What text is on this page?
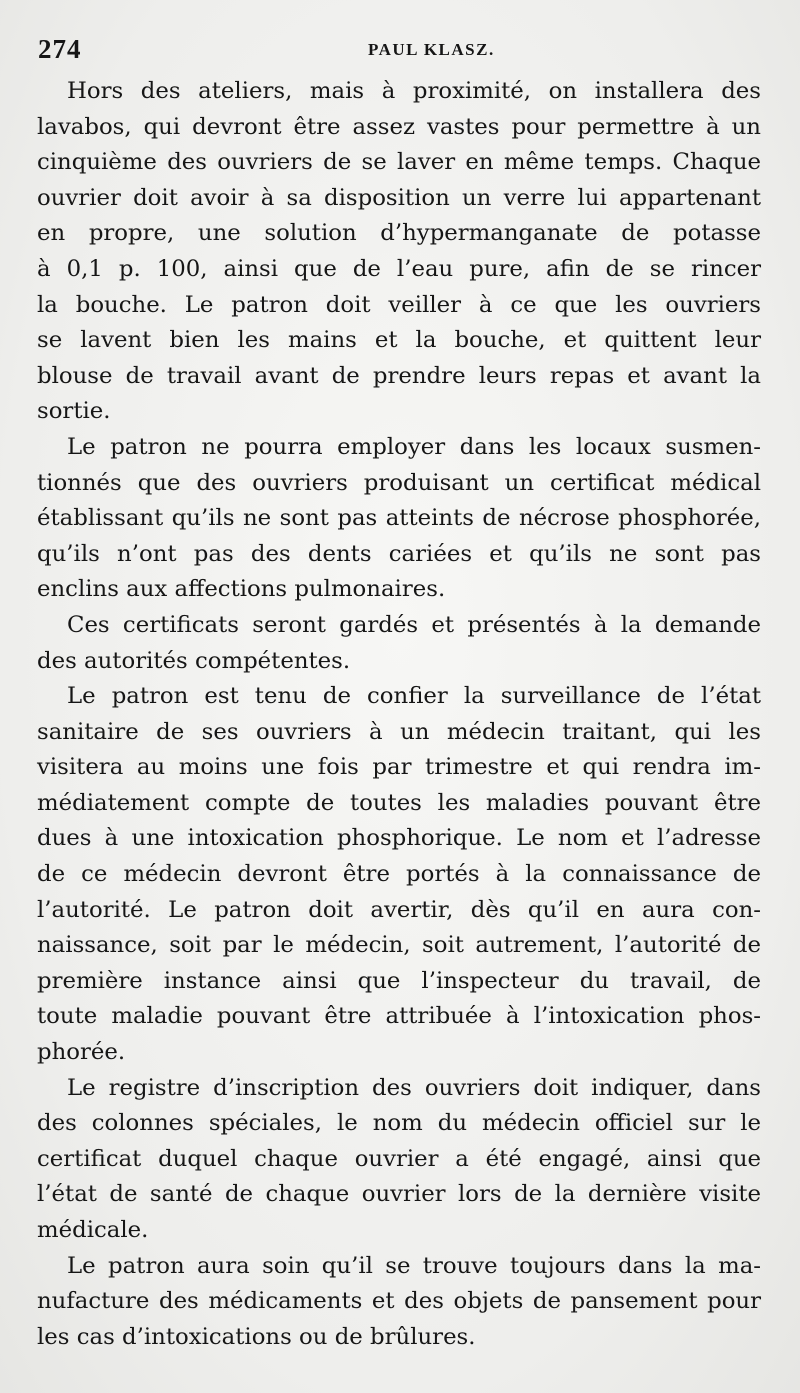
274	PAUL KLASZ.
Hors des ateliers, mais à proximité, on installera des
lavabos, qui devront être assez vastes pour permettre à un
cinquième des ouvriers de se laver en même temps. Chaque
ouvrier doit avoir à sa disposition un verre lui appartenant
en propre, une solution d’hypermanganate de potasse
à 0,1 p. 100, ainsi que de l’eau pure, afin de se rincer
la bouche. Le patron doit veiller à ce que les ouvriers
se lavent bien les mains et la bouche, et quittent leur
blouse de travail avant de prendre leurs repas et avant la
sortie.
Le patron ne pourra employer dans les locaux susmen-
tionnés que des ouvriers produisant un certificat médical
établissant qu’ils ne sont pas atteints de nécrose phosphorée,
qu’ils n’ont pas des dents cariées et qu’ils ne sont pas
enclins aux affections pulmonaires.
Ces certificats seront gardés et présentés à la demande
des autorités compétentes.
Le patron est tenu de confier la surveillance de l’état
sanitaire de ses ouvriers à un médecin traitant, qui les
visitera au moins une fois par trimestre et qui rendra im-
médiatement compte de toutes les maladies pouvant être
dues à une intoxication phosphorique. Le nom et l’adresse
de ce médecin devront être portés à la connaissance de
l’autorité. Le patron doit avertir, dès qu’il en aura con-
naissance, soit par le médecin, soit autrement, l’autorité de
première instance ainsi que l’inspecteur du travail, de
toute maladie pouvant être attribuée à l’intoxication phos-
phorée.
Le registre d’inscription des ouvriers doit indiquer, dans
des colonnes spéciales, le nom du médecin officiel sur le
certificat duquel chaque ouvrier a été engagé, ainsi que
l’état de santé de chaque ouvrier lors de la dernière visite
médicale.
Le patron aura soin qu’il se trouve toujours dans la ma-
nufacture des médicaments et des objets de pansement pour
les cas d’intoxications ou de brûlures.
